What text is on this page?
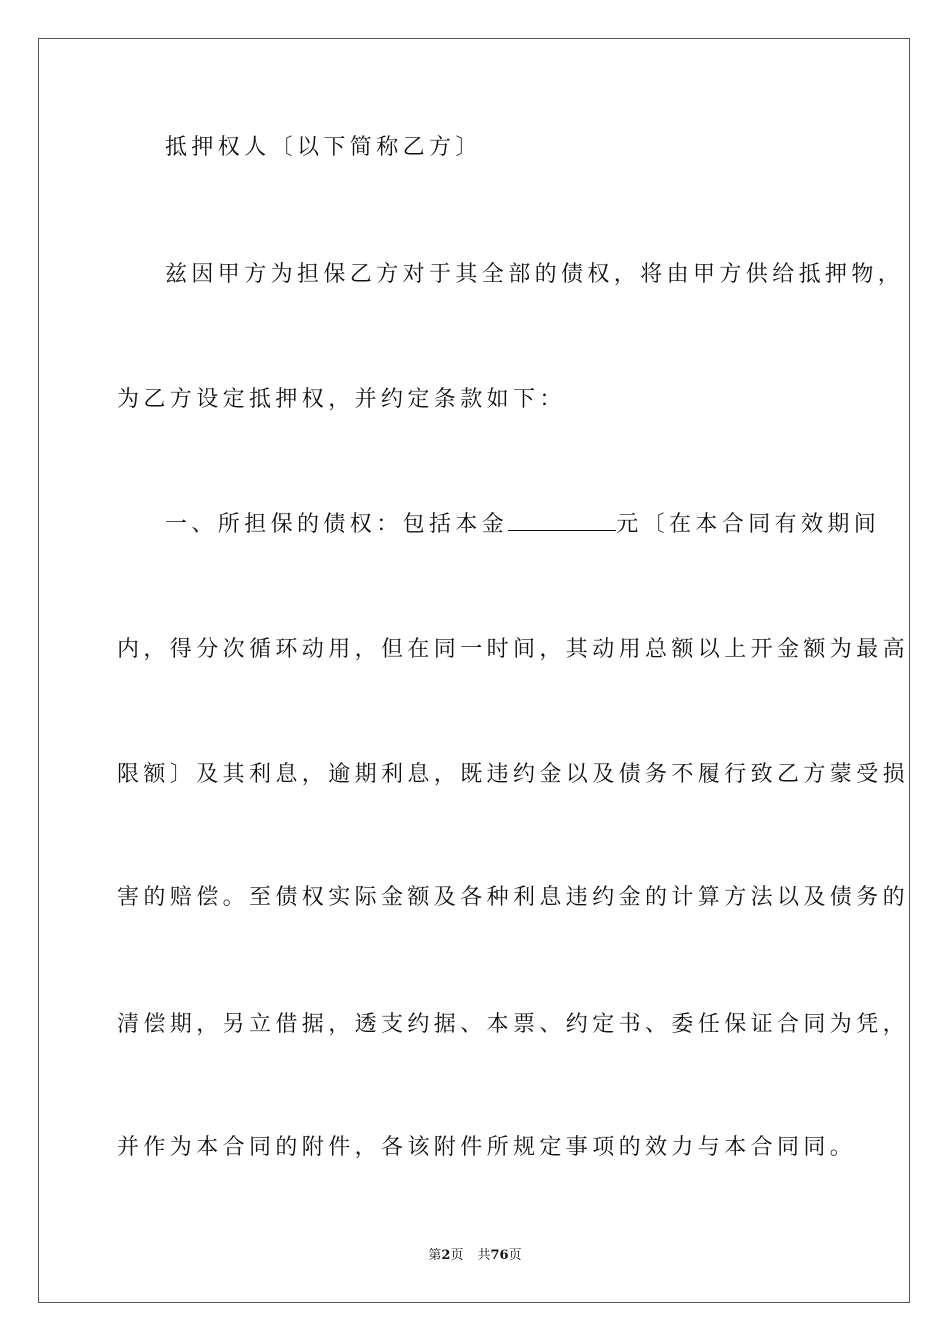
抵押权人〔以下简称乙方〕
兹因甲方为担保乙方对于其全部的债权，将由甲方供给抵押物，
为乙方设定抵押权，并约定条款如下：
一、所担保的债权：包括本金	元〔在本合同有效期间
内，得分次循环动用，但在同一时间，其动用总额以上开金额为最高
限额〕及其利息，逾期利息，既违约金以及债务不履行致乙方蒙受损
害的赔偿。至债权实际金额及各种利息违约金的计算方法以及债务的
清偿期，另立借据，透支约据、本票、约定书、委任保证合同为凭，
并作为本合同的附件，各该附件所规定事项的效力与本合同同。
第2页 共76页
